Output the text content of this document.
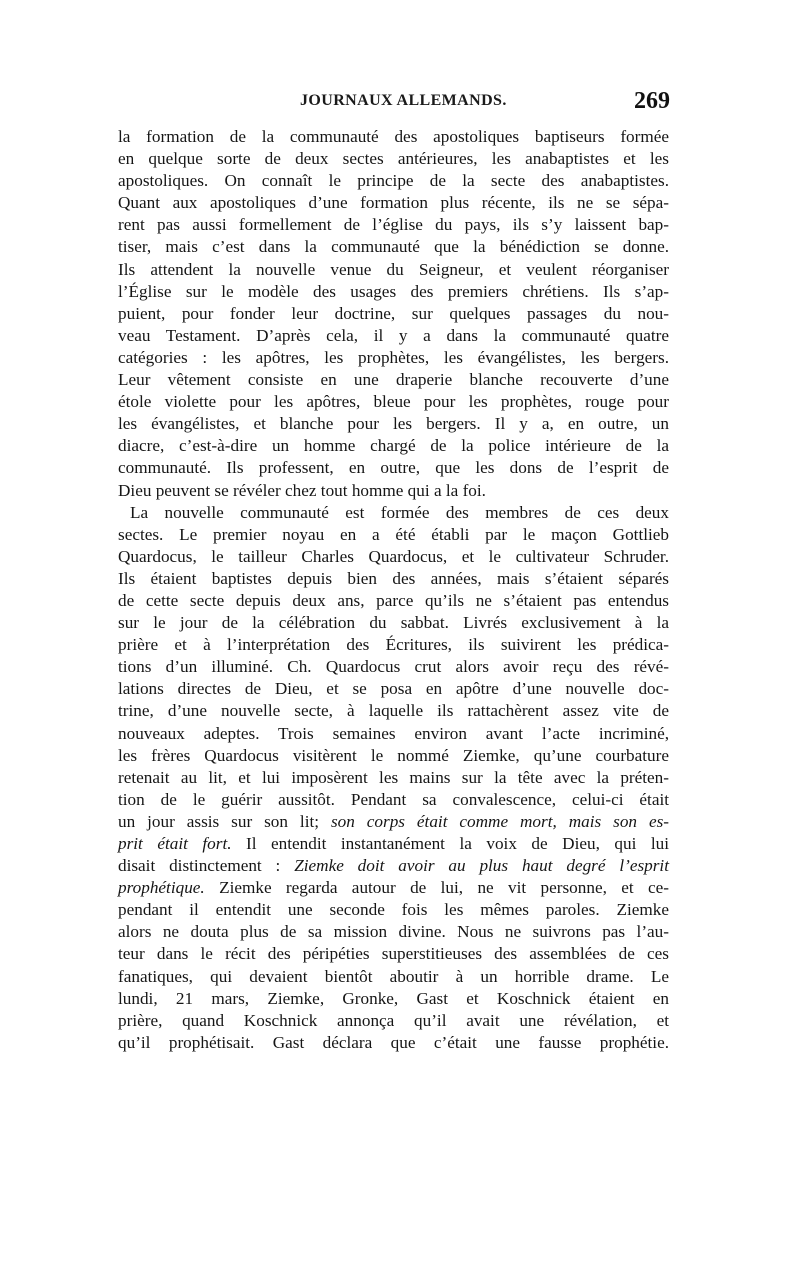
JOURNAUX ALLEMANDS.	269
la formation de la communauté des apostoliques baptiseurs formée
en quelque sorte de deux sectes antérieures, les anabaptistes et les
apostoliques. On connaît le principe de la secte des anabaptistes.
Quant aux apostoliques d’une formation plus récente, ils ne se sépa-
rent pas aussi formellement de l’église du pays, ils s’y laissent bap-
tiser, mais c’est dans la communauté que la bénédiction se donne.
Ils attendent la nouvelle venue du Seigneur, et veulent réorganiser
l’Église sur le modèle des usages des premiers chrétiens. Ils s’ap-
puient, pour fonder leur doctrine, sur quelques passages du nou-
veau Testament. D’après cela, il y a dans la communauté quatre
catégories : les apôtres, les prophètes, les évangélistes, les bergers.
Leur vêtement consiste en une draperie blanche recouverte d’une
étole violette pour les apôtres, bleue pour les prophètes, rouge pour
les évangélistes, et blanche pour les bergers. Il y a, en outre, un
diacre, c’est-à-dire un homme chargé de la police intérieure de la
communauté. Ils professent, en outre, que les dons de l’esprit de
Dieu peuvent se révéler chez tout homme qui a la foi.
La nouvelle communauté est formée des membres de ces deux
sectes. Le premier noyau en a été établi par le maçon Gottlieb
Quardocus, le tailleur Charles Quardocus, et le cultivateur Schruder.
Ils étaient baptistes depuis bien des années, mais s’étaient séparés
de cette secte depuis deux ans, parce qu’ils ne s’étaient pas entendus
sur le jour de la célébration du sabbat. Livrés exclusivement à la
prière et à l’interprétation des Écritures, ils suivirent les prédica-
tions d’un illuminé. Ch. Quardocus crut alors avoir reçu des révé-
lations directes de Dieu, et se posa en apôtre d’une nouvelle doc-
trine, d’une nouvelle secte, à laquelle ils rattachèrent assez vite de
nouveaux adeptes. Trois semaines environ avant l’acte incriminé,
les frères Quardocus visitèrent le nommé Ziemke, qu’une courbature
retenait au lit, et lui imposèrent les mains sur la tête avec la préten-
tion de le guérir aussitôt. Pendant sa convalescence, celui-ci était
un jour assis sur son lit; son corps était comme mort, mais son es-
prit était fort. Il entendit instantanément la voix de Dieu, qui lui
disait distinctement : Ziemke doit avoir au plus haut degré l’esprit
prophétique. Ziemke regarda autour de lui, ne vit personne, et ce-
pendant il entendit une seconde fois les mêmes paroles. Ziemke
alors ne douta plus de sa mission divine. Nous ne suivrons pas l’au-
teur dans le récit des péripéties superstitieuses des assemblées de ces
fanatiques, qui devaient bientôt aboutir à un horrible drame. Le
lundi, 21 mars, Ziemke, Gronke, Gast et Koschnick étaient en
prière, quand Koschnick annonça qu’il avait une révélation, et
qu’il prophétisait. Gast déclara que c’était une fausse prophétie.
